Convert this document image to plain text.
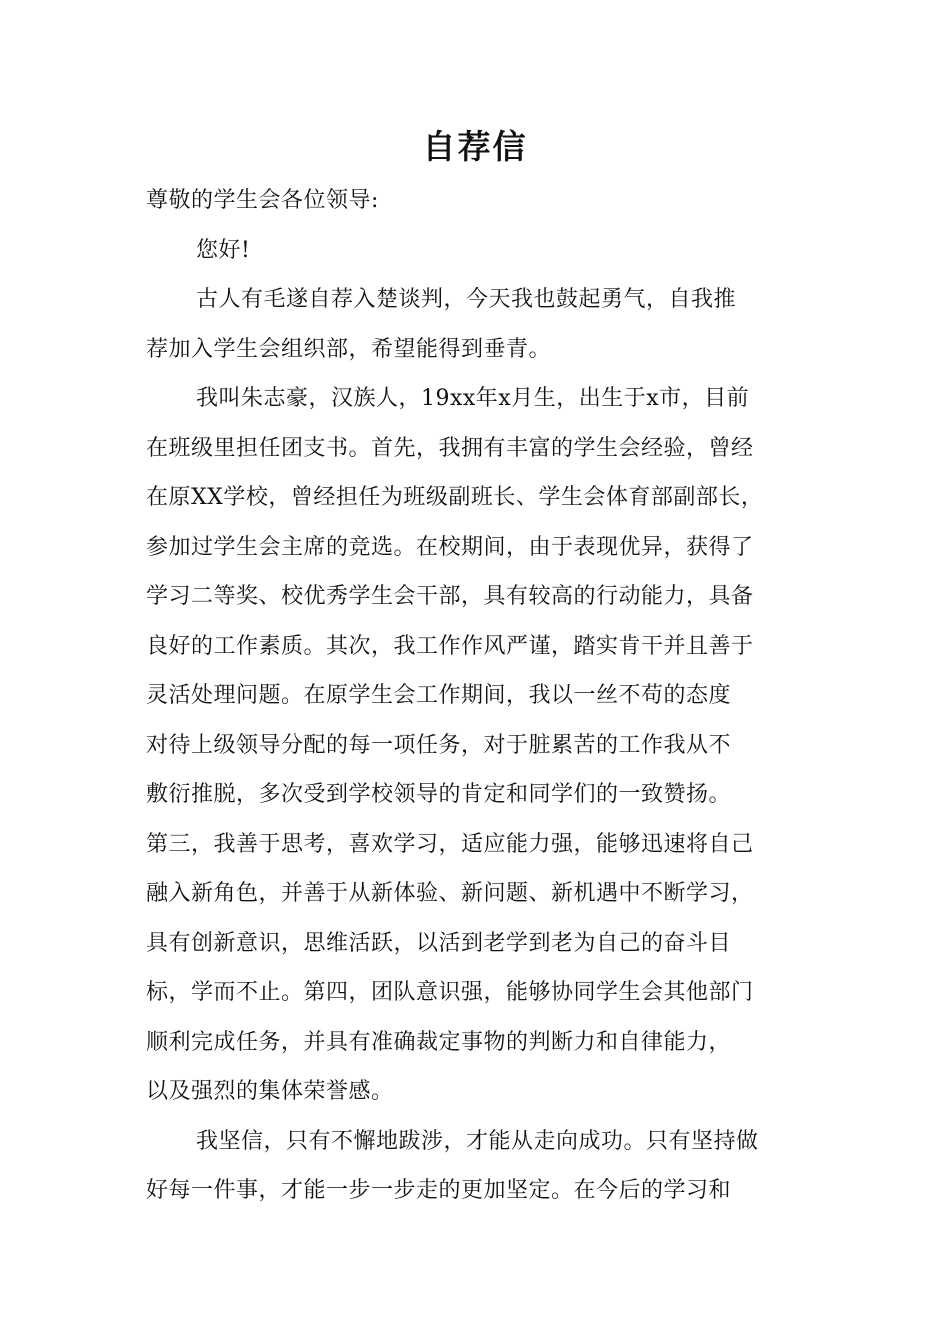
自荐信
尊敬的学生会各位领导:
您好!
古人有毛遂自荐入楚谈判，今天我也鼓起勇气，自我推
荐加入学生会组织部，希望能得到垂青。
我叫朱志豪，汉族人，19xx年x月生，出生于x市，目前
在班级里担任团支书。首先，我拥有丰富的学生会经验，曾经
在原XX学校，曾经担任为班级副班长、学生会体育部副部长，
参加过学生会主席的竞选。在校期间，由于表现优异，获得了
学习二等奖、校优秀学生会干部，具有较高的行动能力，具备
良好的工作素质。其次，我工作作风严谨，踏实肯干并且善于
灵活处理问题。在原学生会工作期间，我以一丝不苟的态度
对待上级领导分配的每一项任务，对于脏累苦的工作我从不
敷衍推脱，多次受到学校领导的肯定和同学们的一致赞扬。
第三，我善于思考，喜欢学习，适应能力强，能够迅速将自己
融入新角色，并善于从新体验、新问题、新机遇中不断学习，
具有创新意识，思维活跃，以活到老学到老为自己的奋斗目
标，学而不止。第四，团队意识强，能够协同学生会其他部门
顺利完成任务，并具有准确裁定事物的判断力和自律能力，
以及强烈的集体荣誉感。
我坚信，只有不懈地跋涉，才能从走向成功。只有坚持做
好每一件事，才能一步一步走的更加坚定。在今后的学习和
